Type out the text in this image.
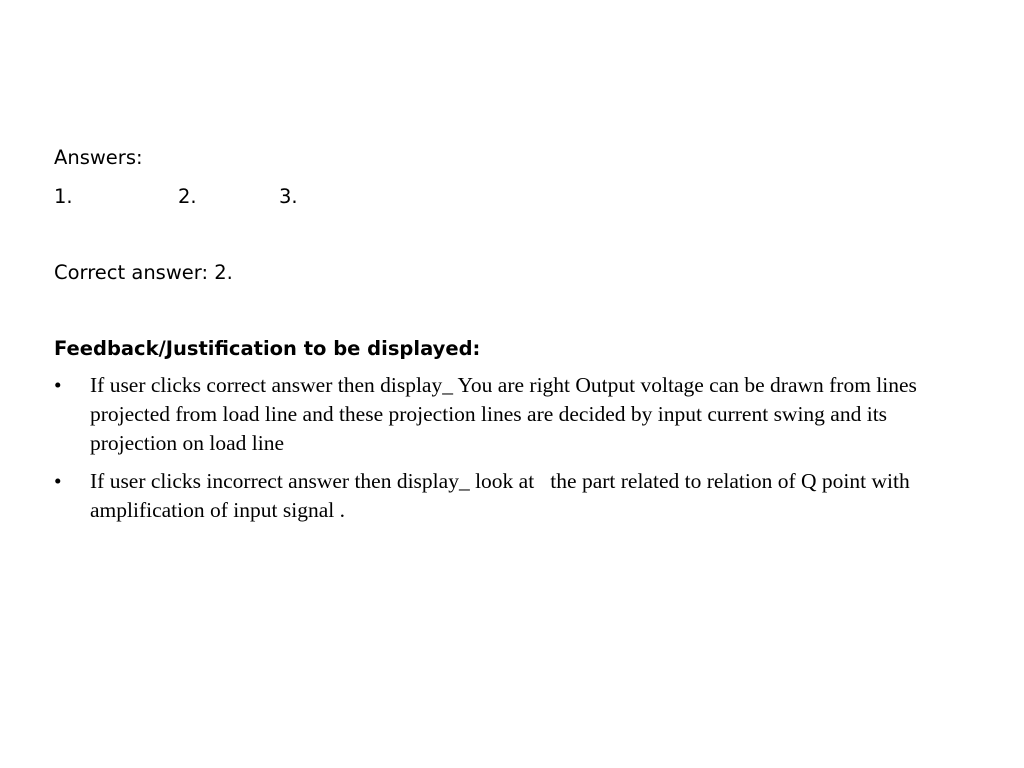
Answers:
1.	2.	3.
Correct answer: 2.
Feedback/Justification to be displayed:
•	If user clicks correct answer then display_ You are right Output voltage can be drawn from lines projected from load line and these projection lines are decided by input current swing and its projection on load line
•	If user clicks incorrect answer then display_ look at   the part related to relation of Q point with amplification of input signal .
